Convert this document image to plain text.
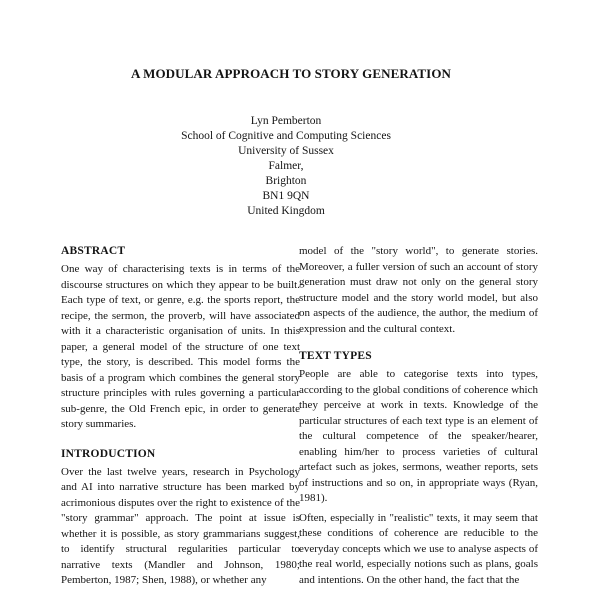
A MODULAR APPROACH TO STORY GENERATION
Lyn Pemberton
School of Cognitive and Computing Sciences
University of Sussex
Falmer,
Brighton
BN1 9QN
United Kingdom
ABSTRACT

One way of characterising texts is in terms of the discourse structures on which they appear to be built. Each type of text, or genre, e.g. the sports report, the recipe, the sermon, the proverb, will have associated with it a characteristic organisation of units. In this paper, a general model of the structure of one text type, the story, is described. This model forms the basis of a program which combines the general story structure principles with rules governing a particular sub-genre, the Old French epic, in order to generate story summaries.

INTRODUCTION

Over the last twelve years, research in Psychology and AI into narrative structure has been marked by acrimonious disputes over the right to existence of the "story grammar" approach. The point at issue is whether it is possible, as story grammarians suggest, to identify structural regularities particular to narrative texts (Mandler and Johnson, 1980; Pemberton, 1987; Shen, 1988), or whether any

model of the "story world", to generate stories. Moreover, a fuller version of such an account of story generation must draw not only on the general story structure model and the story world model, but also on aspects of the audience, the author, the medium of expression and the cultural context.

TEXT TYPES

People are able to categorise texts into types, according to the global conditions of coherence which they perceive at work in texts. Knowledge of the particular structures of each text type is an element of the cultural competence of the speaker/hearer, enabling him/her to process varieties of cultural artefact such as jokes, sermons, weather reports, sets of instructions and so on, in appropriate ways (Ryan, 1981).

Often, especially in "realistic" texts, it may seem that these conditions of coherence are reducible to the everyday concepts which we use to analyse aspects of the real world, especially notions such as plans, goals and intentions. On the other hand, the fact that the
